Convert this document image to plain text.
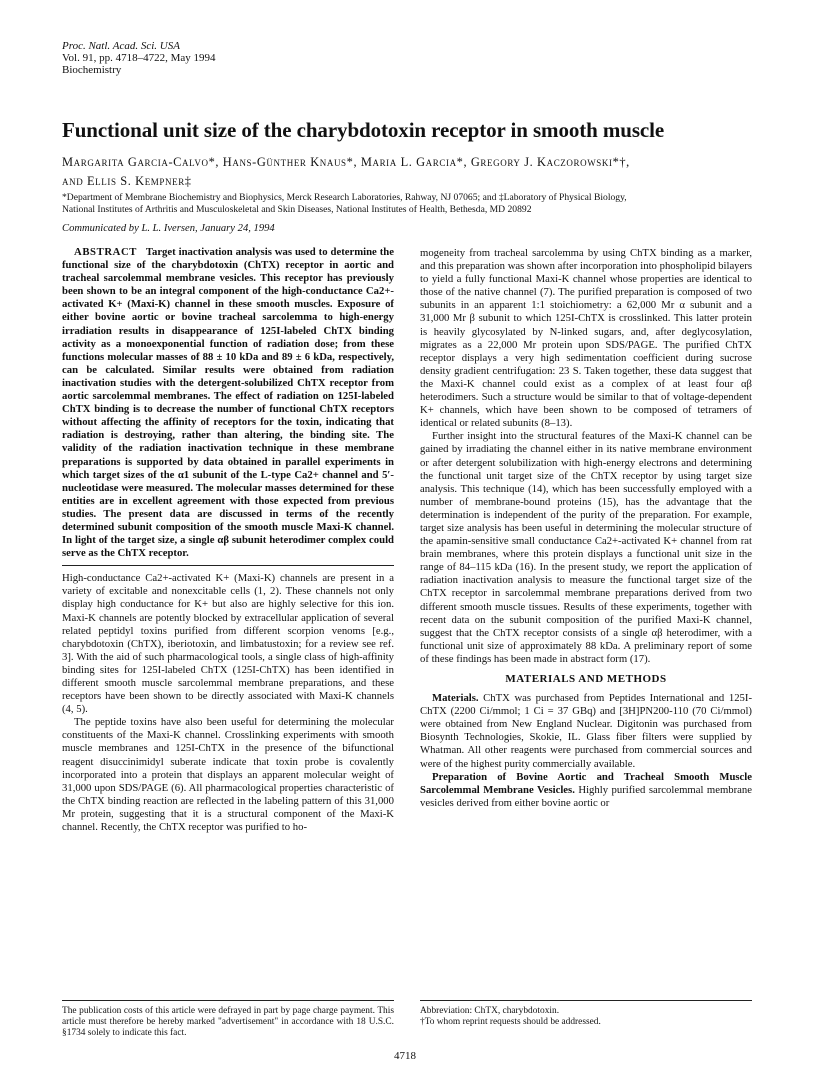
Proc. Natl. Acad. Sci. USA
Vol. 91, pp. 4718–4722, May 1994
Biochemistry
Functional unit size of the charybdotoxin receptor in smooth muscle
Margarita Garcia-Calvo*, Hans-Günther Knaus*, Maria L. Garcia*, Gregory J. Kaczorowski*†,
and Ellis S. Kempner‡
*Department of Membrane Biochemistry and Biophysics, Merck Research Laboratories, Rahway, NJ 07065; and ‡Laboratory of Physical Biology,
National Institutes of Arthritis and Musculoskeletal and Skin Diseases, National Institutes of Health, Bethesda, MD 20892
Communicated by L. L. Iversen, January 24, 1994

ABSTRACT Target inactivation analysis was used to determine the functional size of the charybdotoxin (ChTX) receptor in aortic and tracheal sarcolemmal membrane vesicles. This receptor has previously been shown to be an integral component of the high-conductance Ca2+-activated K+ (Maxi-K) channel in these smooth muscles. Exposure of either bovine aortic or bovine tracheal sarcolemma to high-energy irradiation results in disappearance of 125I-labeled ChTX binding activity as a monoexponential function of radiation dose; from these functions molecular masses of 88 ± 10 kDa and 89 ± 6 kDa, respectively, can be calculated. Similar results were obtained from radiation inactivation studies with the detergent-solubilized ChTX receptor from aortic sarcolemmal membranes. The effect of radiation on 125I-labeled ChTX binding is to decrease the number of functional ChTX receptors without affecting the affinity of receptors for the toxin, indicating that radiation is destroying, rather than altering, the binding site. The validity of the radiation inactivation technique in these membrane preparations is supported by data obtained in parallel experiments in which target sizes of the α1 subunit of the L-type Ca2+ channel and 5′-nucleotidase were measured. The molecular masses determined for these entities are in excellent agreement with those expected from previous studies. The present data are discussed in terms of the recently determined subunit composition of the smooth muscle Maxi-K channel. In light of the target size, a single αβ subunit heterodimer complex could serve as the ChTX receptor.

High-conductance Ca2+-activated K+ (Maxi-K) channels are present in a variety of excitable and nonexcitable cells (1, 2). These channels not only display high conductance for K+ but also are highly selective for this ion. Maxi-K channels are potently blocked by extracellular application of several related peptidyl toxins purified from different scorpion venoms [e.g., charybdotoxin (ChTX), iberiotoxin, and limbatustoxin; for a review see ref. 3]. With the aid of such pharmacological tools, a single class of high-affinity binding sites for 125I-labeled ChTX (125I-ChTX) has been identified in different smooth muscle sarcolemmal membrane preparations, and these receptors have been shown to be directly associated with Maxi-K channels (4, 5).

The peptide toxins have also been useful for determining the molecular constituents of the Maxi-K channel. Crosslinking experiments with smooth muscle membranes and 125I-ChTX in the presence of the bifunctional reagent disuccinimidyl suberate indicate that toxin probe is covalently incorporated into a protein that displays an apparent molecular weight of 31,000 upon SDS/PAGE (6). All pharmacological properties characteristic of the ChTX binding reaction are reflected in the labeling pattern of this 31,000 Mr protein, suggesting that it is a structural component of the Maxi-K channel. Recently, the ChTX receptor was purified to ho-

mogeneity from tracheal sarcolemma by using ChTX binding as a marker, and this preparation was shown after incorporation into phospholipid bilayers to yield a fully functional Maxi-K channel whose properties are identical to those of the native channel (7). The purified preparation is composed of two subunits in an apparent 1:1 stoichiometry: a 62,000 Mr α subunit and a 31,000 Mr β subunit to which 125I-ChTX is crosslinked. This latter protein is heavily glycosylated by N-linked sugars, and, after deglycosylation, migrates as a 22,000 Mr protein upon SDS/PAGE. The purified ChTX receptor displays a very high sedimentation coefficient during sucrose density gradient centrifugation: 23 S. Taken together, these data suggest that the Maxi-K channel could exist as a complex of at least four αβ heterodimers. Such a structure would be similar to that of voltage-dependent K+ channels, which have been shown to be composed of tetramers of identical or related subunits (8–13).

Further insight into the structural features of the Maxi-K channel can be gained by irradiating the channel either in its native membrane environment or after detergent solubilization with high-energy electrons and determining the functional unit target size of the ChTX receptor by using target size analysis. This technique (14), which has been successfully employed with a number of membrane-bound proteins (15), has the advantage that the determination is independent of the purity of the preparation. For example, target size analysis has been useful in determining the molecular structure of the apamin-sensitive small conductance Ca2+-activated K+ channel from rat brain membranes, where this protein displays a functional unit size in the range of 84–115 kDa (16). In the present study, we report the application of radiation inactivation analysis to measure the functional target size of the ChTX receptor in sarcolemmal membrane preparations derived from two different smooth muscle tissues. Results of these experiments, together with recent data on the subunit composition of the purified Maxi-K channel, suggest that the ChTX receptor consists of a single αβ heterodimer, with a functional unit size of approximately 88 kDa. A preliminary report of some of these findings has been made in abstract form (17).

MATERIALS AND METHODS

Materials. ChTX was purchased from Peptides International and 125I-ChTX (2200 Ci/mmol; 1 Ci = 37 GBq) and [3H]PN200-110 (70 Ci/mmol) were obtained from New England Nuclear. Digitonin was purchased from Biosynth Technologies, Skokie, IL. Glass fiber filters were supplied by Whatman. All other reagents were purchased from commercial sources and were of the highest purity commercially available.

Preparation of Bovine Aortic and Tracheal Smooth Muscle Sarcolemmal Membrane Vesicles. Highly purified sarcolemmal membrane vesicles derived from either bovine aortic or

The publication costs of this article were defrayed in part by page charge payment. This article must therefore be hereby marked "advertisement" in accordance with 18 U.S.C. §1734 solely to indicate this fact.
Abbreviation: ChTX, charybdotoxin.
†To whom reprint requests should be addressed.
4718
